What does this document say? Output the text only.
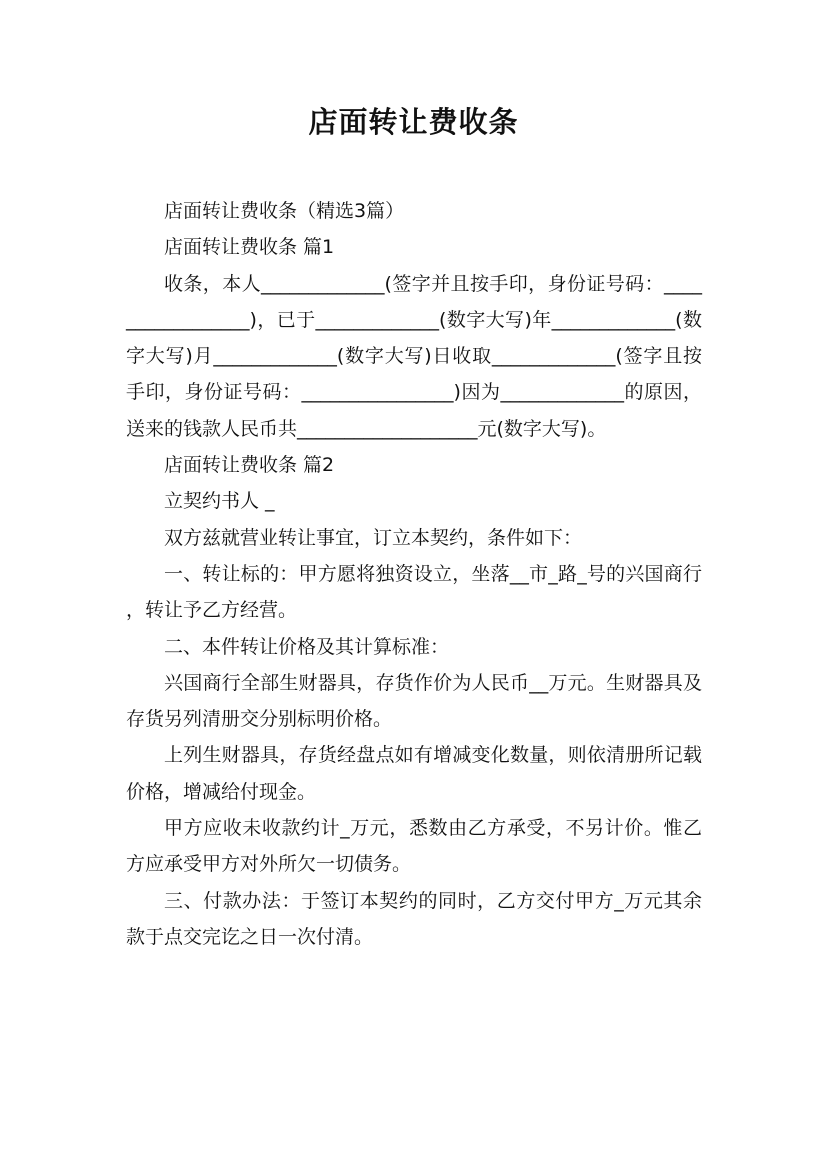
店面转让费收条

店面转让费收条（精选3篇）

店面转让费收条 篇1

收条，本人_____________(签字并且按手印，身份证号码：_________________)，已于_____________(数字大写)年_____________(数字大写)月_____________(数字大写)日收取_____________(签字且按手印，身份证号码：________________)因为_____________的原因，送来的钱款人民币共___________________元(数字大写)。

店面转让费收条 篇2

立契约书人 _

双方兹就营业转让事宜，订立本契约，条件如下：

一、转让标的：甲方愿将独资设立，坐落__市_路_号的兴国商行，转让予乙方经营。

二、本件转让价格及其计算标准：

兴国商行全部生财器具，存货作价为人民币__万元。生财器具及存货另列清册交分别标明价格。

上列生财器具，存货经盘点如有增减变化数量，则依清册所记载价格，增减给付现金。

甲方应收未收款约计_万元，悉数由乙方承受，不另计价。惟乙方应承受甲方对外所欠一切债务。

三、付款办法：于签订本契约的同时，乙方交付甲方_万元其余款于点交完讫之日一次付清。
